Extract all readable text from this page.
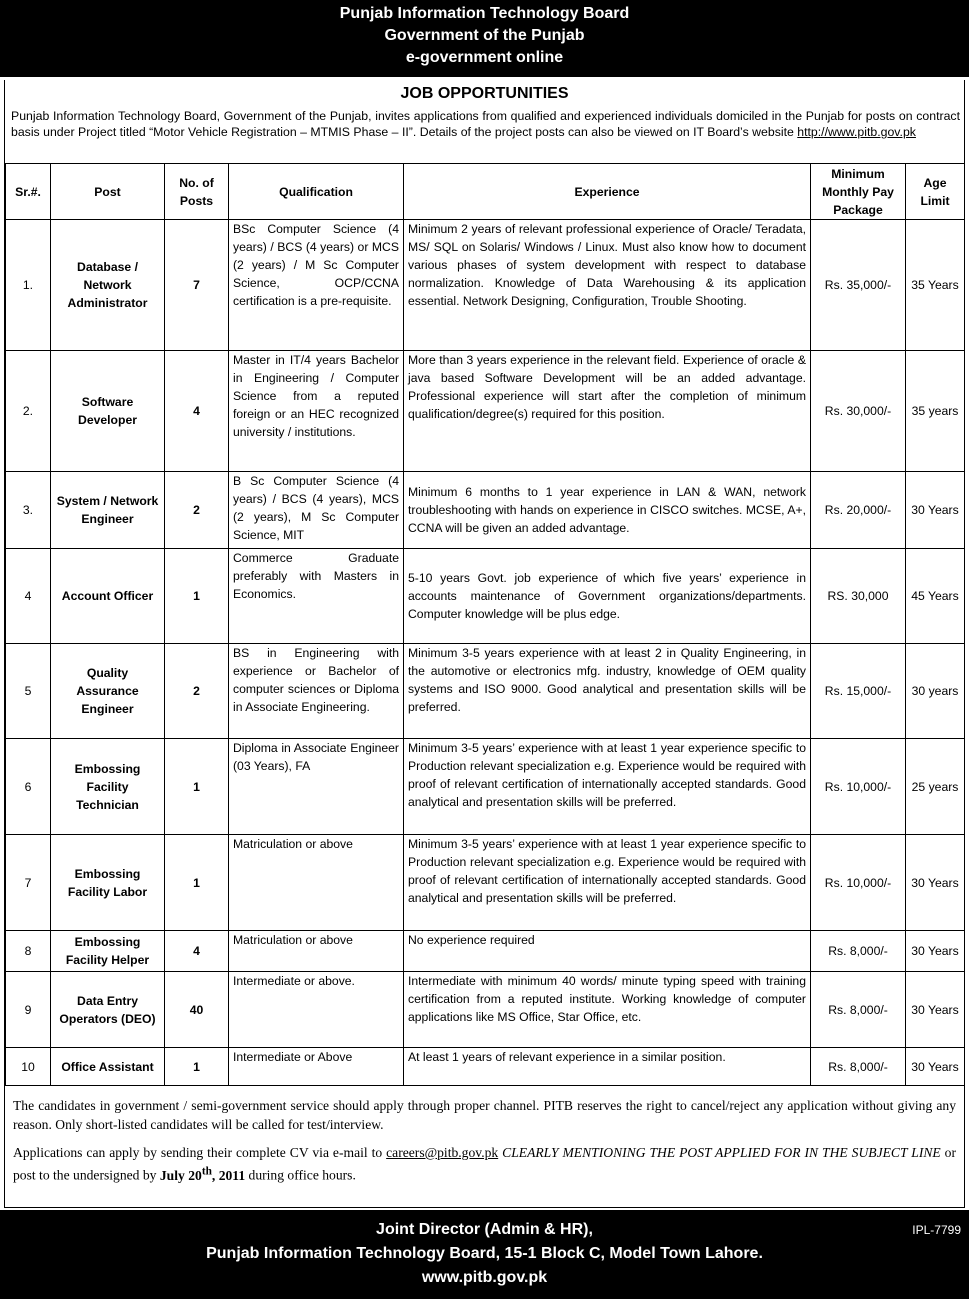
Punjab Information Technology Board
Government of the Punjab
e-government online
JOB OPPORTUNITIES
Punjab Information Technology Board, Government of the Punjab, invites applications from qualified and experienced individuals domiciled in the Punjab for posts on contract basis under Project titled “Motor Vehicle Registration – MTMIS Phase – II”. Details of the project posts can also be viewed on IT Board’s website http://www.pitb.gov.pk
Sr.#.	Post	No. of Posts	Qualification	Experience	Minimum Monthly Pay Package	Age Limit
1.	Database / Network Administrator	7	BSc Computer Science (4 years) / BCS (4 years) or MCS (2 years) / M Sc Computer Science, OCP/CCNA certification is a pre-requisite.	Minimum 2 years of relevant professional experience of Oracle/ Teradata, MS/ SQL on Solaris/ Windows / Linux. Must also know how to document various phases of system development with respect to database normalization. Knowledge of Data Warehousing & its application essential. Network Designing, Configuration, Trouble Shooting.	Rs. 35,000/-	35 Years
2.	Software Developer	4	Master in IT/4 years Bachelor in Engineering / Computer Science from a reputed foreign or an HEC recognized university / institutions.	More than 3 years experience in the relevant field. Experience of oracle & java based Software Development will be an added advantage. Professional experience will start after the completion of minimum qualification/degree(s) required for this position.	Rs. 30,000/-	35 years
3.	System / Network Engineer	2	B Sc Computer Science (4 years) / BCS (4 years), MCS (2 years), M Sc Computer Science, MIT	Minimum 6 months to 1 year experience in LAN & WAN, network troubleshooting with hands on experience in CISCO switches. MCSE, A+, CCNA will be given an added advantage.	Rs. 20,000/-	30 Years
4	Account Officer	1	Commerce Graduate preferably with Masters in Economics.	5-10 years Govt. job experience of which five years’ experience in accounts maintenance of Government organizations/departments. Computer knowledge will be plus edge.	RS. 30,000	45 Years
5	Quality Assurance Engineer	2	BS in Engineering with experience or Bachelor of computer sciences or Diploma in Associate Engineering.	Minimum 3-5 years experience with at least 2 in Quality Engineering, in the automotive or electronics mfg. industry, knowledge of OEM quality systems and ISO 9000. Good analytical and presentation skills will be preferred.	Rs. 15,000/-	30 years
6	Embossing Facility Technician	1	Diploma in Associate Engineer (03 Years), FA	Minimum 3-5 years’ experience with at least 1 year experience specific to Production relevant specialization e.g. Experience would be required with proof of relevant certification of internationally accepted standards. Good analytical and presentation skills will be preferred.	Rs. 10,000/-	25 years
7	Embossing Facility Labor	1	Matriculation or above	Minimum 3-5 years’ experience with at least 1 year experience specific to Production relevant specialization e.g. Experience would be required with proof of relevant certification of internationally accepted standards. Good analytical and presentation skills will be preferred.	Rs. 10,000/-	30 Years
8	Embossing Facility Helper	4	Matriculation or above	No experience required	Rs. 8,000/-	30 Years
9	Data Entry Operators (DEO)	40	Intermediate or above.	Intermediate with minimum 40 words/ minute typing speed with training certification from a reputed institute. Working knowledge of computer applications like MS Office, Star Office, etc.	Rs. 8,000/-	30 Years
10	Office Assistant	1	Intermediate or Above	At least 1 years of relevant experience in a similar position.	Rs. 8,000/-	30 Years

The candidates in government / semi-government service should apply through proper channel. PITB reserves the right to cancel/reject any application without giving any reason. Only short-listed candidates will be called for test/interview.

Applications can apply by sending their complete CV via e-mail to careers@pitb.gov.pk CLEARLY MENTIONING THE POST APPLIED FOR IN THE SUBJECT LINE or post to the undersigned by July 20th, 2011 during office hours.

Joint Director (Admin & HR),
Punjab Information Technology Board, 15-1 Block C, Model Town Lahore.
www.pitb.gov.pk
IPL-7799
